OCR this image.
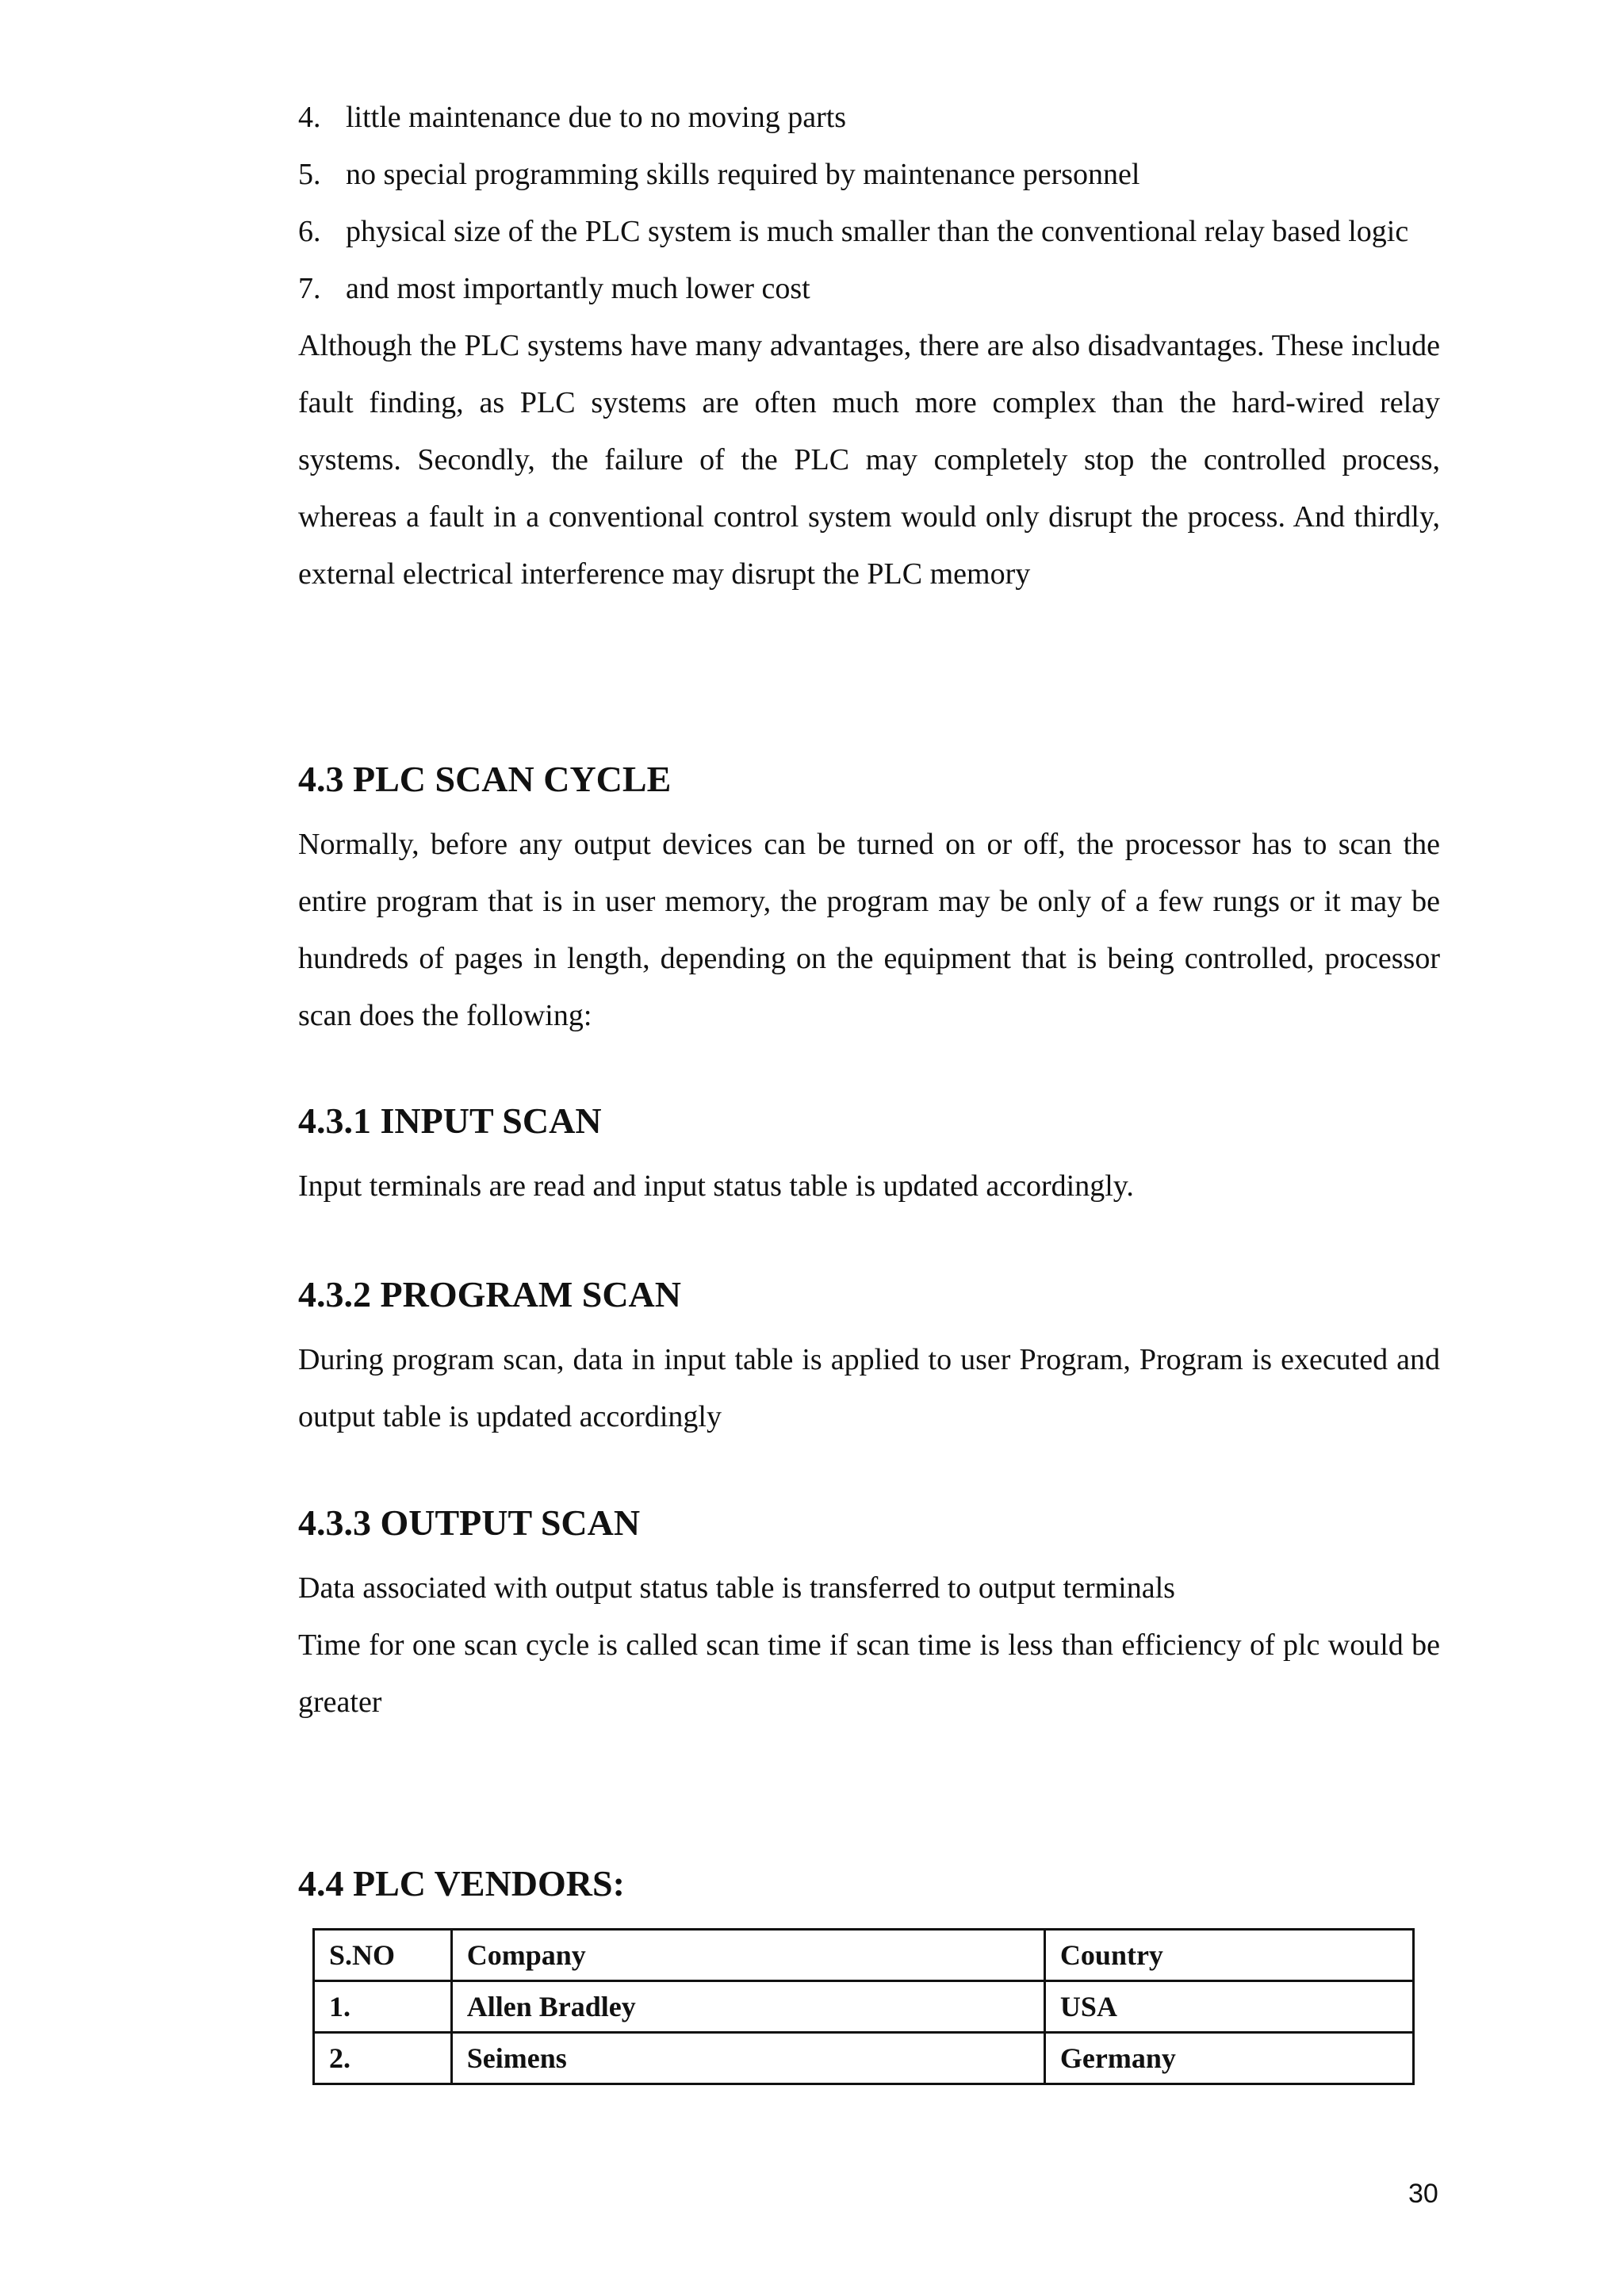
4. little maintenance due to no moving parts
5. no special programming skills required by maintenance personnel
6. physical size of the PLC system is much smaller than the conventional relay based logic
7. and most importantly much lower cost
Although the PLC systems have many advantages, there are also disadvantages. These include fault finding, as PLC systems are often much more complex than the hard-wired relay systems. Secondly, the failure of the PLC may completely stop the controlled process, whereas a fault in a conventional control system would only disrupt the process. And thirdly, external electrical interference may disrupt the PLC memory
4.3 PLC SCAN CYCLE
Normally, before any output devices can be turned on or off, the processor has to scan the entire program that is in user memory, the program may be only of a few rungs or it may be hundreds of pages in length, depending on the equipment that is being controlled, processor scan does the following:
4.3.1 INPUT SCAN
Input terminals are read and input status table is updated accordingly.
4.3.2 PROGRAM SCAN
During program scan, data in input table is applied to user Program, Program is executed and output table is updated accordingly
4.3.3 OUTPUT SCAN
Data associated with output status table is transferred to output terminals
Time for one scan cycle is called scan time if scan time is less than efficiency of plc would be greater
4.4 PLC VENDORS:
S.NO	Company	Country
1.	Allen Bradley	USA
2.	Seimens	Germany
30
